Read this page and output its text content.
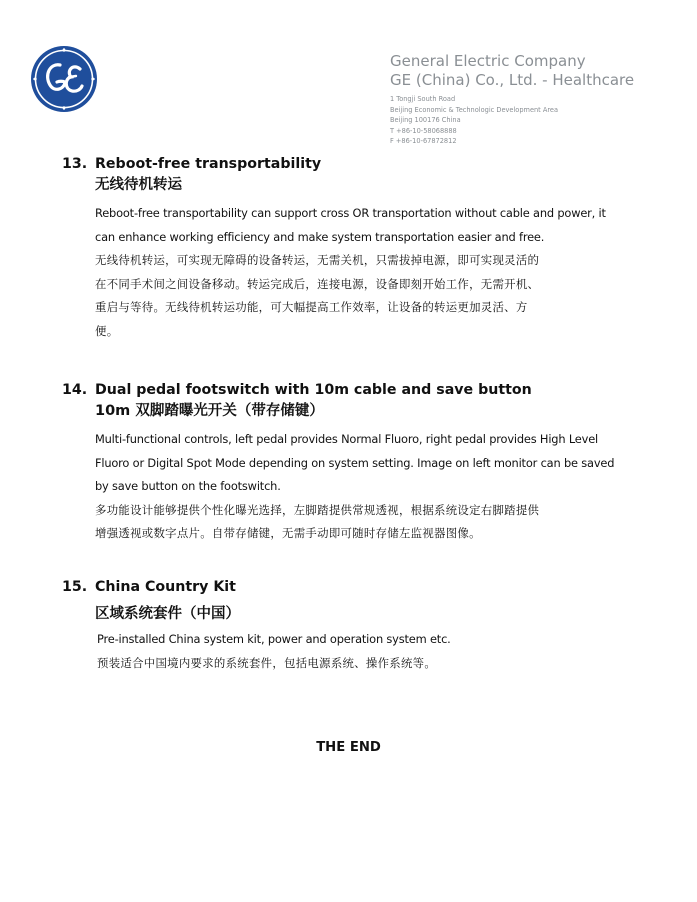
General Electric Company
GE (China) Co., Ltd. - Healthcare
1 Tongji South Road
Beijing Economic & Technologic Development Area
Beijing 100176 China
T +86-10-58068888
F +86-10-67872812
13. Reboot-free transportability
无线待机转运

Reboot-free transportability can support cross OR transportation without cable and power, it
can enhance working efficiency and make system transportation easier and free.

无线待机转运，可实现无障碍的设备转运，无需关机，只需拔掉电源，即可实现灵活的
在不同手术间之间设备移动。转运完成后，连接电源，设备即刻开始工作，无需开机、
重启与等待。无线待机转运功能，可大幅提高工作效率，让设备的转运更加灵活、方
便。

14. Dual pedal footswitch with 10m cable and save button
10m 双脚踏曝光开关（带存储键）

Multi-functional controls, left pedal provides Normal Fluoro, right pedal provides High Level
Fluoro or Digital Spot Mode depending on system setting. Image on left monitor can be saved
by save button on the footswitch.

多功能设计能够提供个性化曝光选择，左脚踏提供常规透视，根据系统设定右脚踏提供
增强透视或数字点片。自带存储键，无需手动即可随时存储左监视器图像。

15. China Country Kit
区域系统套件（中国）

Pre-installed China system kit, power and operation system etc.

预装适合中国境内要求的系统套件，包括电源系统、操作系统等。

THE END
